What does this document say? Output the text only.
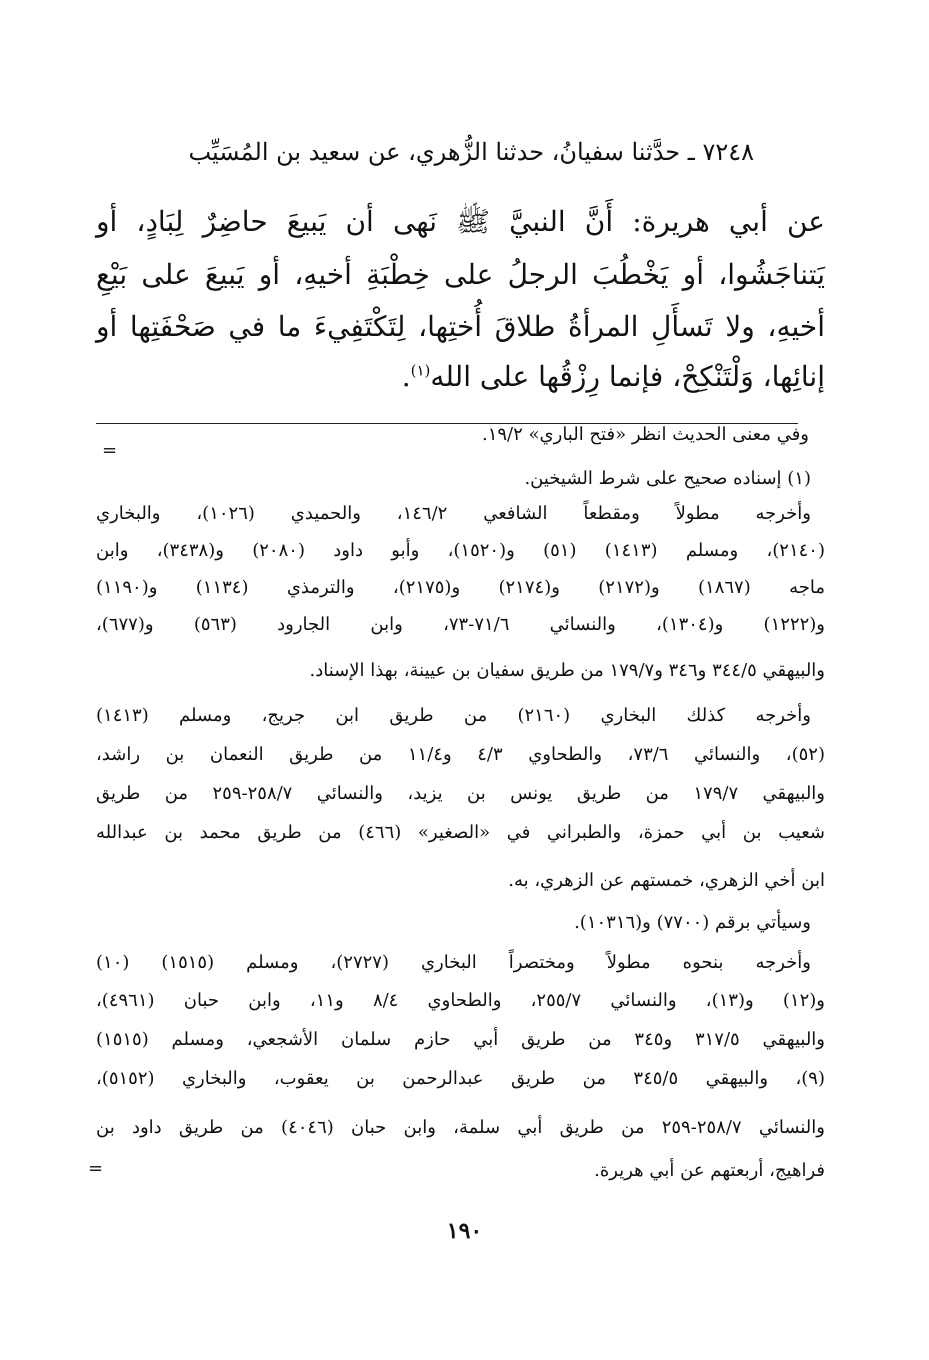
٧٢٤٨ ـ حدَّثنا سفيانُ، حدثنا الزُّهري، عن سعيد بن المُسَيِّب
عن أبي هريرة: أَنَّ النبيَّ ﷺ نَهى أن يَبيعَ حاضِرٌ لِبَادٍ، أو
يَتناجَشُوا، أو يَخْطُبَ الرجلُ على خِطْبَةِ أخيهِ، أو يَبيعَ على بَيْعِ
أخيهِ، ولا تَسأَلِ المرأةُ طلاقَ أُختِها، لِتَكْتَفِيءَ ما في صَحْفَتِها أو
إنائِها، وَلْتَنْكِحْ، فإنما رِزْقُها على الله$^{(١)}$.
وفي معنى الحديث انظر «فتح الباري» ١٩/٢.
=
(١) إسناده صحيح على شرط الشيخين.
وأخرجه مطولاً ومقطعاً الشافعي ١٤٦/٢، والحميدي (١٠٢٦)، والبخاري
(٢١٤٠)، ومسلم (١٤١٣) (٥١) و(١٥٢٠)، وأبو داود (٢٠٨٠) و(٣٤٣٨)، وابن
ماجه (١٨٦٧) و(٢١٧٢) و(٢١٧٤) و(٢١٧٥)، والترمذي (١١٣٤) و(١١٩٠)
و(١٢٢٢) و(١٣٠٤)، والنسائي ٧١/٦-٧٣، وابن الجارود (٥٦٣) و(٦٧٧)،
والبيهقي ٣٤٤/٥ و٣٤٦ و١٧٩/٧ من طريق سفيان بن عيينة، بهذا الإسناد.
وأخرجه كذلك البخاري (٢١٦٠) من طريق ابن جريج، ومسلم (١٤١٣)
(٥٢)، والنسائي ٧٣/٦، والطحاوي ٤/٣ و١١/٤ من طريق النعمان بن راشد،
والبيهقي ١٧٩/٧ من طريق يونس بن يزيد، والنسائي ٢٥٨/٧-٢٥٩ من طريق
شعيب بن أبي حمزة، والطبراني في «الصغير» (٤٦٦) من طريق محمد بن عبدالله
ابن أخي الزهري، خمستهم عن الزهري، به.
وسيأتي برقم (٧٧٠٠) و(١٠٣١٦).
وأخرجه بنحوه مطولاً ومختصراً البخاري (٢٧٢٧)، ومسلم (١٥١٥) (١٠)
و(١٢) و(١٣)، والنسائي ٢٥٥/٧، والطحاوي ٨/٤ و١١، وابن حبان (٤٩٦١)،
والبيهقي ٣١٧/٥ و٣٤٥ من طريق أبي حازم سلمان الأشجعي، ومسلم (١٥١٥)
(٩)، والبيهقي ٣٤٥/٥ من طريق عبدالرحمن بن يعقوب، والبخاري (٥١٥٢)،
والنسائي ٢٥٨/٧-٢٥٩ من طريق أبي سلمة، وابن حبان (٤٠٤٦) من طريق داود بن
=	فراهيج، أربعتهم عن أبي هريرة.
١٩٠
